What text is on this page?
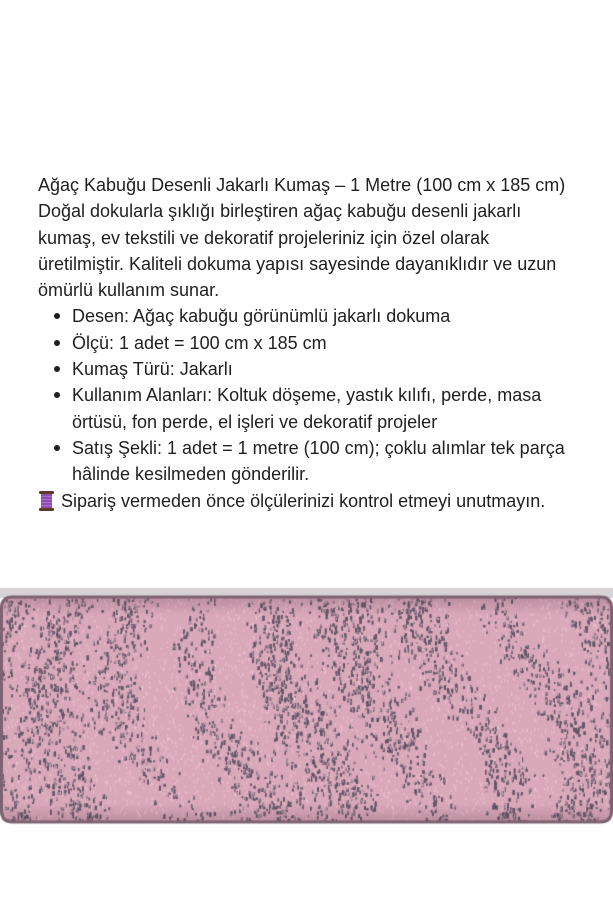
Ağaç Kabuğu Desenli Jakarlı Kumaş – 1 Metre (100 cm x 185 cm)
Doğal dokularla şıklığı birleştiren ağaç kabuğu desenli jakarlı
kumaş, ev tekstili ve dekoratif projeleriniz için özel olarak
üretilmiştir. Kaliteli dokuma yapısı sayesinde dayanıklıdır ve uzun
ömürlü kullanım sunar.
Desen: Ağaç kabuğu görünümlü jakarlı dokuma
Ölçü: 1 adet = 100 cm x 185 cm
Kumaş Türü: Jakarlı
Kullanım Alanları: Koltuk döşeme, yastık kılıfı, perde, masa
örtüsü, fon perde, el işleri ve dekoratif projeler
Satış Şekli: 1 adet = 1 metre (100 cm); çoklu alımlar tek parça
hâlinde kesilmeden gönderilir.
Sipariş vermeden önce ölçülerinizi kontrol etmeyi unutmayın.
